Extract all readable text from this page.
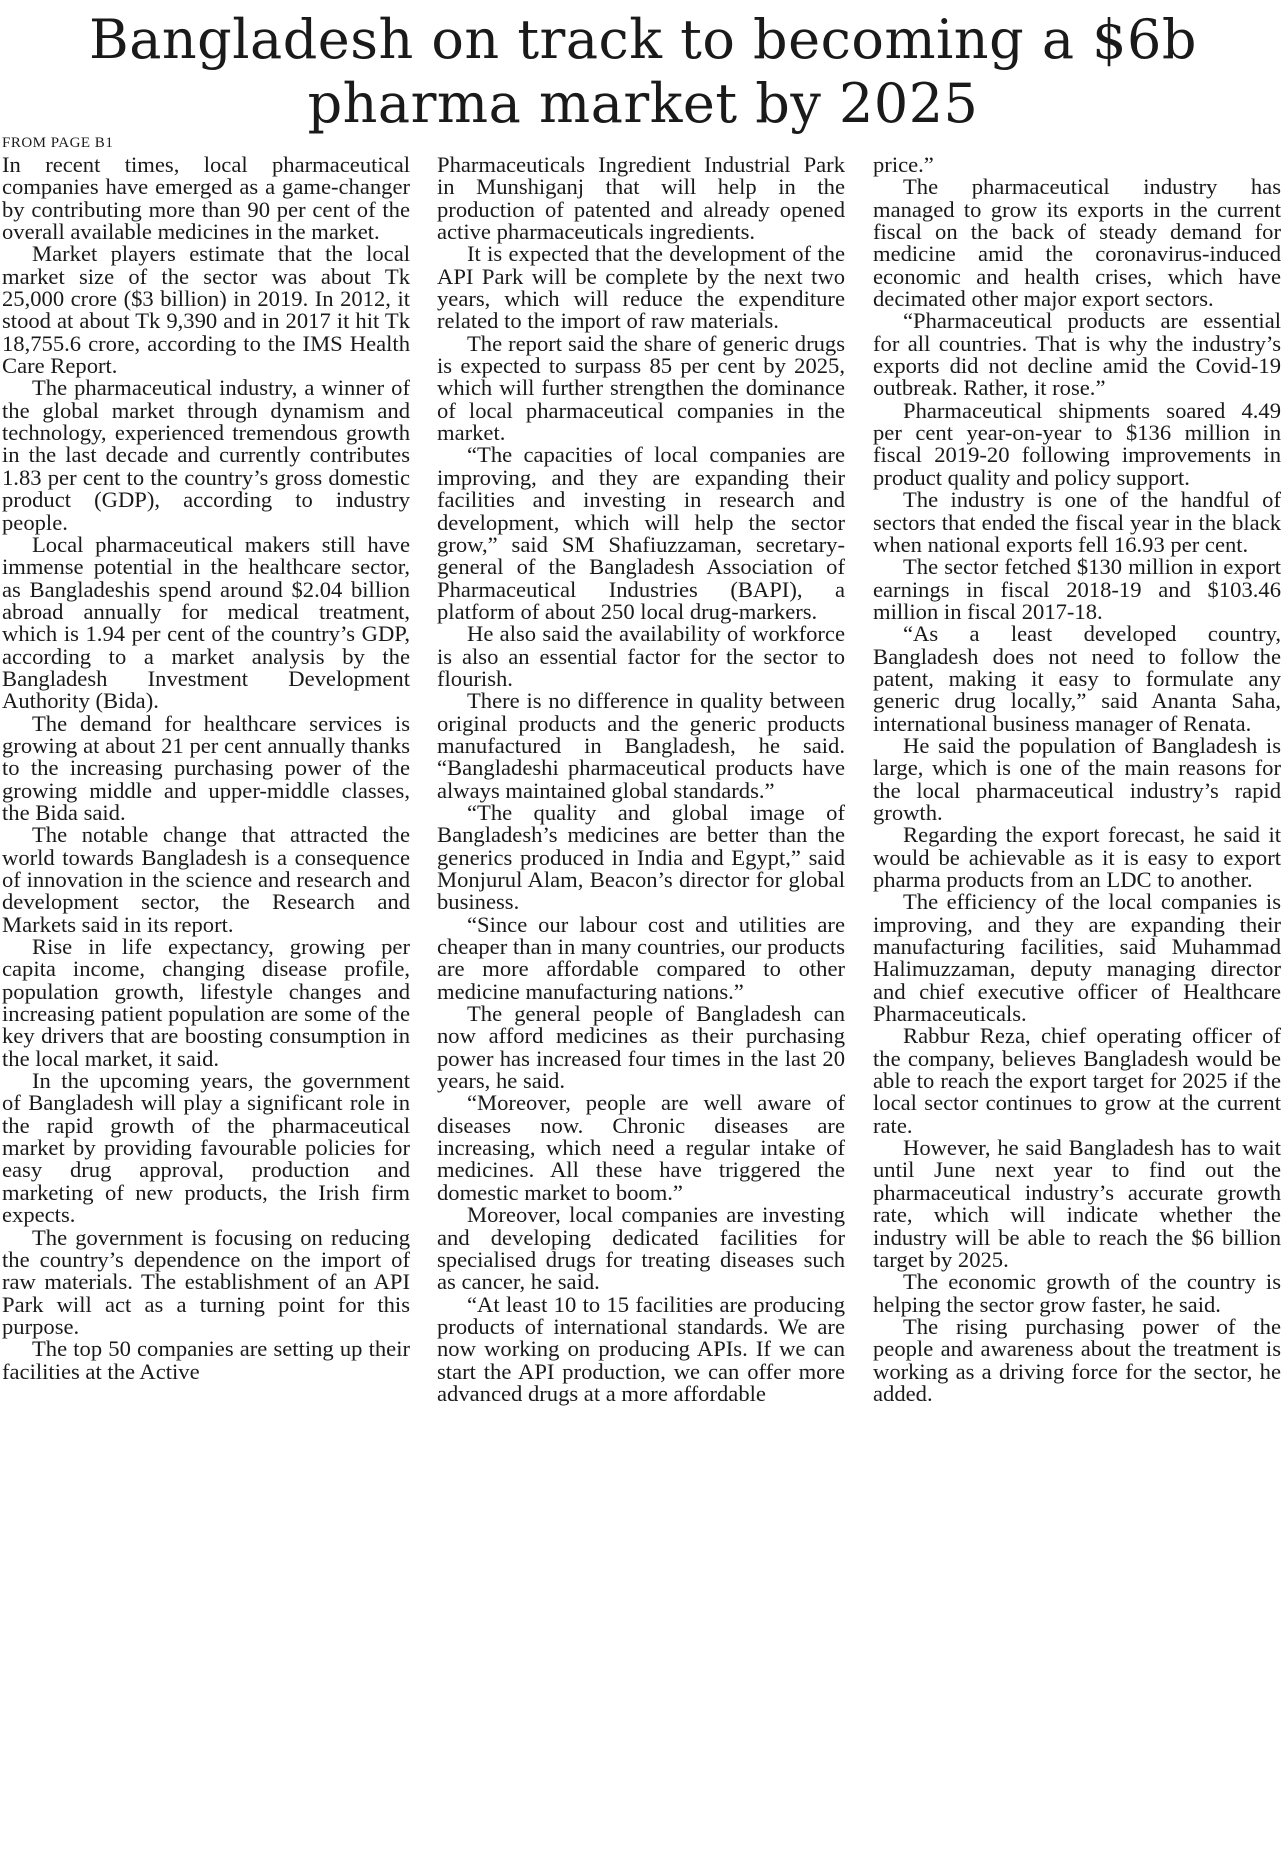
Bangladesh on track to becoming a $6b
pharma market by 2025
FROM PAGE B1

In recent times, local pharmaceutical companies have emerged as a game-changer by contributing more than 90 per cent of the overall available medicines in the market.

Market players estimate that the local market size of the sector was about Tk 25,000 crore ($3 billion) in 2019. In 2012, it stood at about Tk 9,390 and in 2017 it hit Tk 18,755.6 crore, according to the IMS Health Care Report.

The pharmaceutical industry, a winner of the global market through dynamism and technology, experienced tremendous growth in the last decade and currently contributes 1.83 per cent to the country’s gross domestic product (GDP), according to industry people.

Local pharmaceutical makers still have immense potential in the healthcare sector, as Bangladeshis spend around $2.04 billion abroad annually for medical treatment, which is 1.94 per cent of the country’s GDP, according to a market analysis by the Bangladesh Investment Development Authority (Bida).

The demand for healthcare services is growing at about 21 per cent annually thanks to the increasing purchasing power of the growing middle and upper-middle classes, the Bida said.

The notable change that attracted the world towards Bangladesh is a consequence of innovation in the science and research and development sector, the Research and Markets said in its report.

Rise in life expectancy, growing per capita income, changing disease profile, population growth, lifestyle changes and increasing patient population are some of the key drivers that are boosting consumption in the local market, it said.

In the upcoming years, the government of Bangladesh will play a significant role in the rapid growth of the pharmaceutical market by providing favourable policies for easy drug approval, production and marketing of new products, the Irish firm expects.

The government is focusing on reducing the country’s dependence on the import of raw materials. The establishment of an API Park will act as a turning point for this purpose.

The top 50 companies are setting up their facilities at the Active

Pharmaceuticals Ingredient Industrial Park in Munshiganj that will help in the production of patented and already opened active pharmaceuticals ingredients.

It is expected that the development of the API Park will be complete by the next two years, which will reduce the expenditure related to the import of raw materials.

The report said the share of generic drugs is expected to surpass 85 per cent by 2025, which will further strengthen the dominance of local pharmaceutical companies in the market.

“The capacities of local companies are improving, and they are expanding their facilities and investing in research and development, which will help the sector grow,” said SM Shafiuzzaman, secretary-general of the Bangladesh Association of Pharmaceutical Industries (BAPI), a platform of about 250 local drug-markers.

He also said the availability of workforce is also an essential factor for the sector to flourish.

There is no difference in quality between original products and the generic products manufactured in Bangladesh, he said. “Bangladeshi pharmaceutical products have always maintained global standards.”

“The quality and global image of Bangladesh’s medicines are better than the generics produced in India and Egypt,” said Monjurul Alam, Beacon’s director for global business.

“Since our labour cost and utilities are cheaper than in many countries, our products are more affordable compared to other medicine manufacturing nations.”

The general people of Bangladesh can now afford medicines as their purchasing power has increased four times in the last 20 years, he said.

“Moreover, people are well aware of diseases now. Chronic diseases are increasing, which need a regular intake of medicines. All these have triggered the domestic market to boom.”

Moreover, local companies are investing and developing dedicated facilities for specialised drugs for treating diseases such as cancer, he said.

“At least 10 to 15 facilities are producing products of international standards. We are now working on producing APIs. If we can start the API production, we can offer more advanced drugs at a more affordable

price.”

The pharmaceutical industry has managed to grow its exports in the current fiscal on the back of steady demand for medicine amid the coronavirus-induced economic and health crises, which have decimated other major export sectors.

“Pharmaceutical products are essential for all countries. That is why the industry’s exports did not decline amid the Covid-19 outbreak. Rather, it rose.”

Pharmaceutical shipments soared 4.49 per cent year-on-year to $136 million in fiscal 2019-20 following improvements in product quality and policy support.

The industry is one of the handful of sectors that ended the fiscal year in the black when national exports fell 16.93 per cent.

The sector fetched $130 million in export earnings in fiscal 2018-19 and $103.46 million in fiscal 2017-18.

“As a least developed country, Bangladesh does not need to follow the patent, making it easy to formulate any generic drug locally,” said Ananta Saha, international business manager of Renata.

He said the population of Bangladesh is large, which is one of the main reasons for the local pharmaceutical industry’s rapid growth.

Regarding the export forecast, he said it would be achievable as it is easy to export pharma products from an LDC to another.

The efficiency of the local companies is improving, and they are expanding their manufacturing facilities, said Muhammad Halimuzzaman, deputy managing director and chief executive officer of Healthcare Pharmaceuticals.

Rabbur Reza, chief operating officer of the company, believes Bangladesh would be able to reach the export target for 2025 if the local sector continues to grow at the current rate.

However, he said Bangladesh has to wait until June next year to find out the pharmaceutical industry’s accurate growth rate, which will indicate whether the industry will be able to reach the $6 billion target by 2025.

The economic growth of the country is helping the sector grow faster, he said.

The rising purchasing power of the people and awareness about the treatment is working as a driving force for the sector, he added.
